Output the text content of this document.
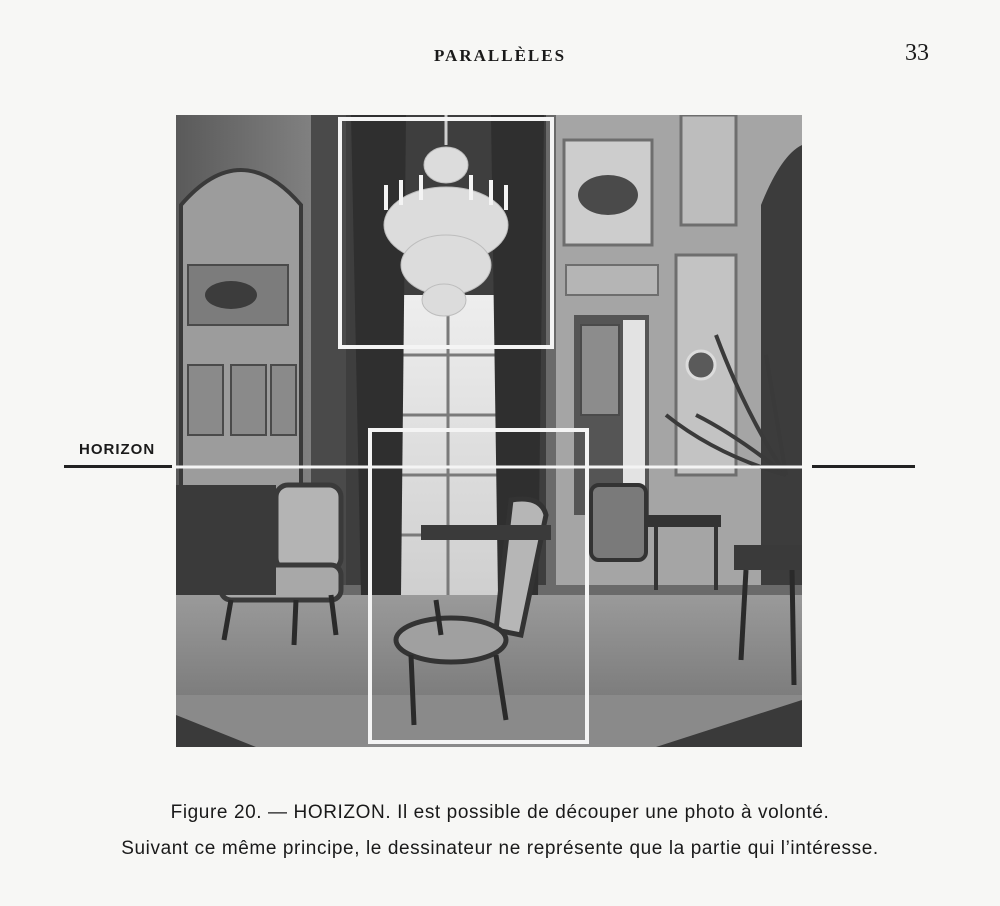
PARALLÈLES	33
HORIZON
Figure 20. — HORIZON. Il est possible de découper une photo à volonté.
Suivant ce même principe, le dessinateur ne représente que la partie qui l’intéresse.
